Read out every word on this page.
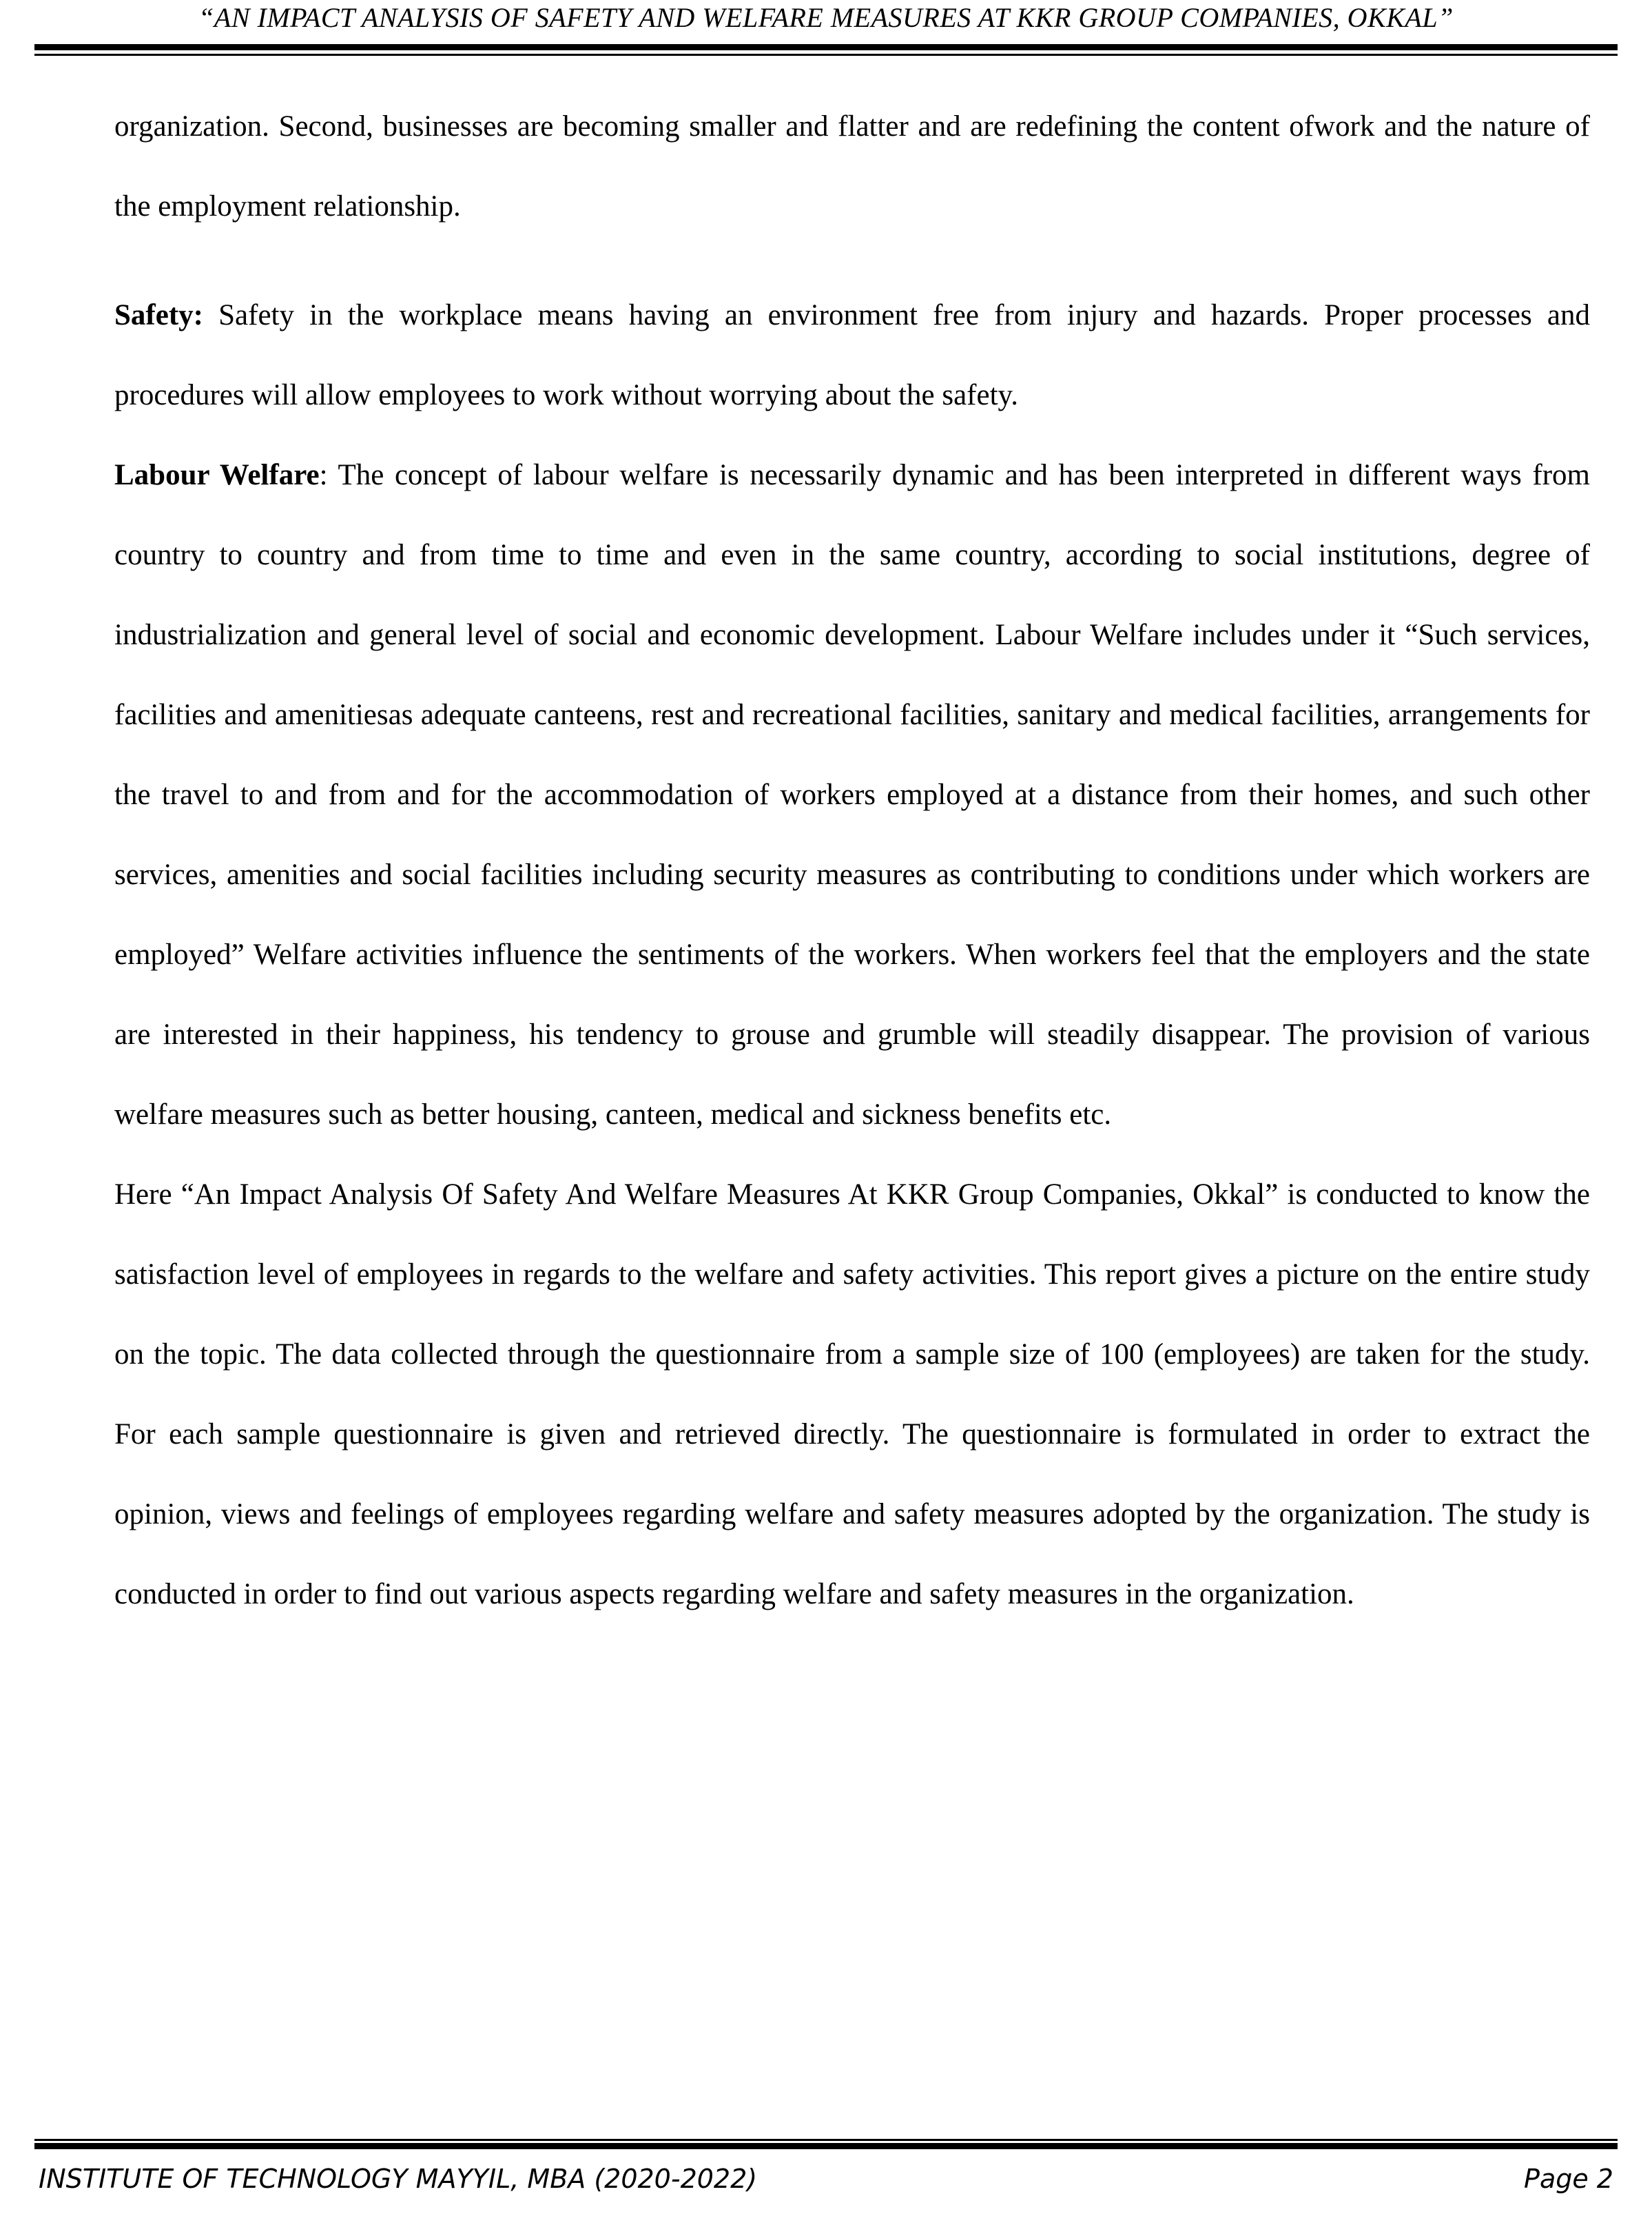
“AN IMPACT ANALYSIS OF SAFETY AND WELFARE MEASURES AT KKR GROUP COMPANIES, OKKAL”

organization. Second, businesses are becoming smaller and flatter and are redefining the content ofwork and the nature of the employment relationship.

Safety: Safety in the workplace means having an environment free from injury and hazards. Proper processes and procedures will allow employees to work without worrying about the safety.

Labour Welfare: The concept of labour welfare is necessarily dynamic and has been interpreted in different ways from country to country and from time to time and even in the same country, according to social institutions, degree of industrialization and general level of social and economic development. Labour Welfare includes under it “Such services, facilities and amenitiesas adequate canteens, rest and recreational facilities, sanitary and medical facilities, arrangements for the travel to and from and for the accommodation of workers employed at a distance from their homes, and such other services, amenities and social facilities including security measures as contributing to conditions under which workers are employed” Welfare activities influence the sentiments of the workers. When workers feel that the employers and the state are interested in their happiness, his tendency to grouse and grumble will steadily disappear. The provision of various welfare measures such as better housing, canteen, medical and sickness benefits etc.

Here “An Impact Analysis Of Safety And Welfare Measures At KKR Group Companies, Okkal” is conducted to know the satisfaction level of employees in regards to the welfare and safety activities. This report gives a picture on the entire study on the topic. The data collected through the questionnaire from a sample size of 100 (employees) are taken for the study. For each sample questionnaire is given and retrieved directly. The questionnaire is formulated in order to extract the opinion, views and feelings of employees regarding welfare and safety measures adopted by the organization. The study is conducted in order to find out various aspects regarding welfare and safety measures in the organization.

INSTITUTE OF TECHNOLOGY MAYYIL, MBA (2020-2022)	Page 2
